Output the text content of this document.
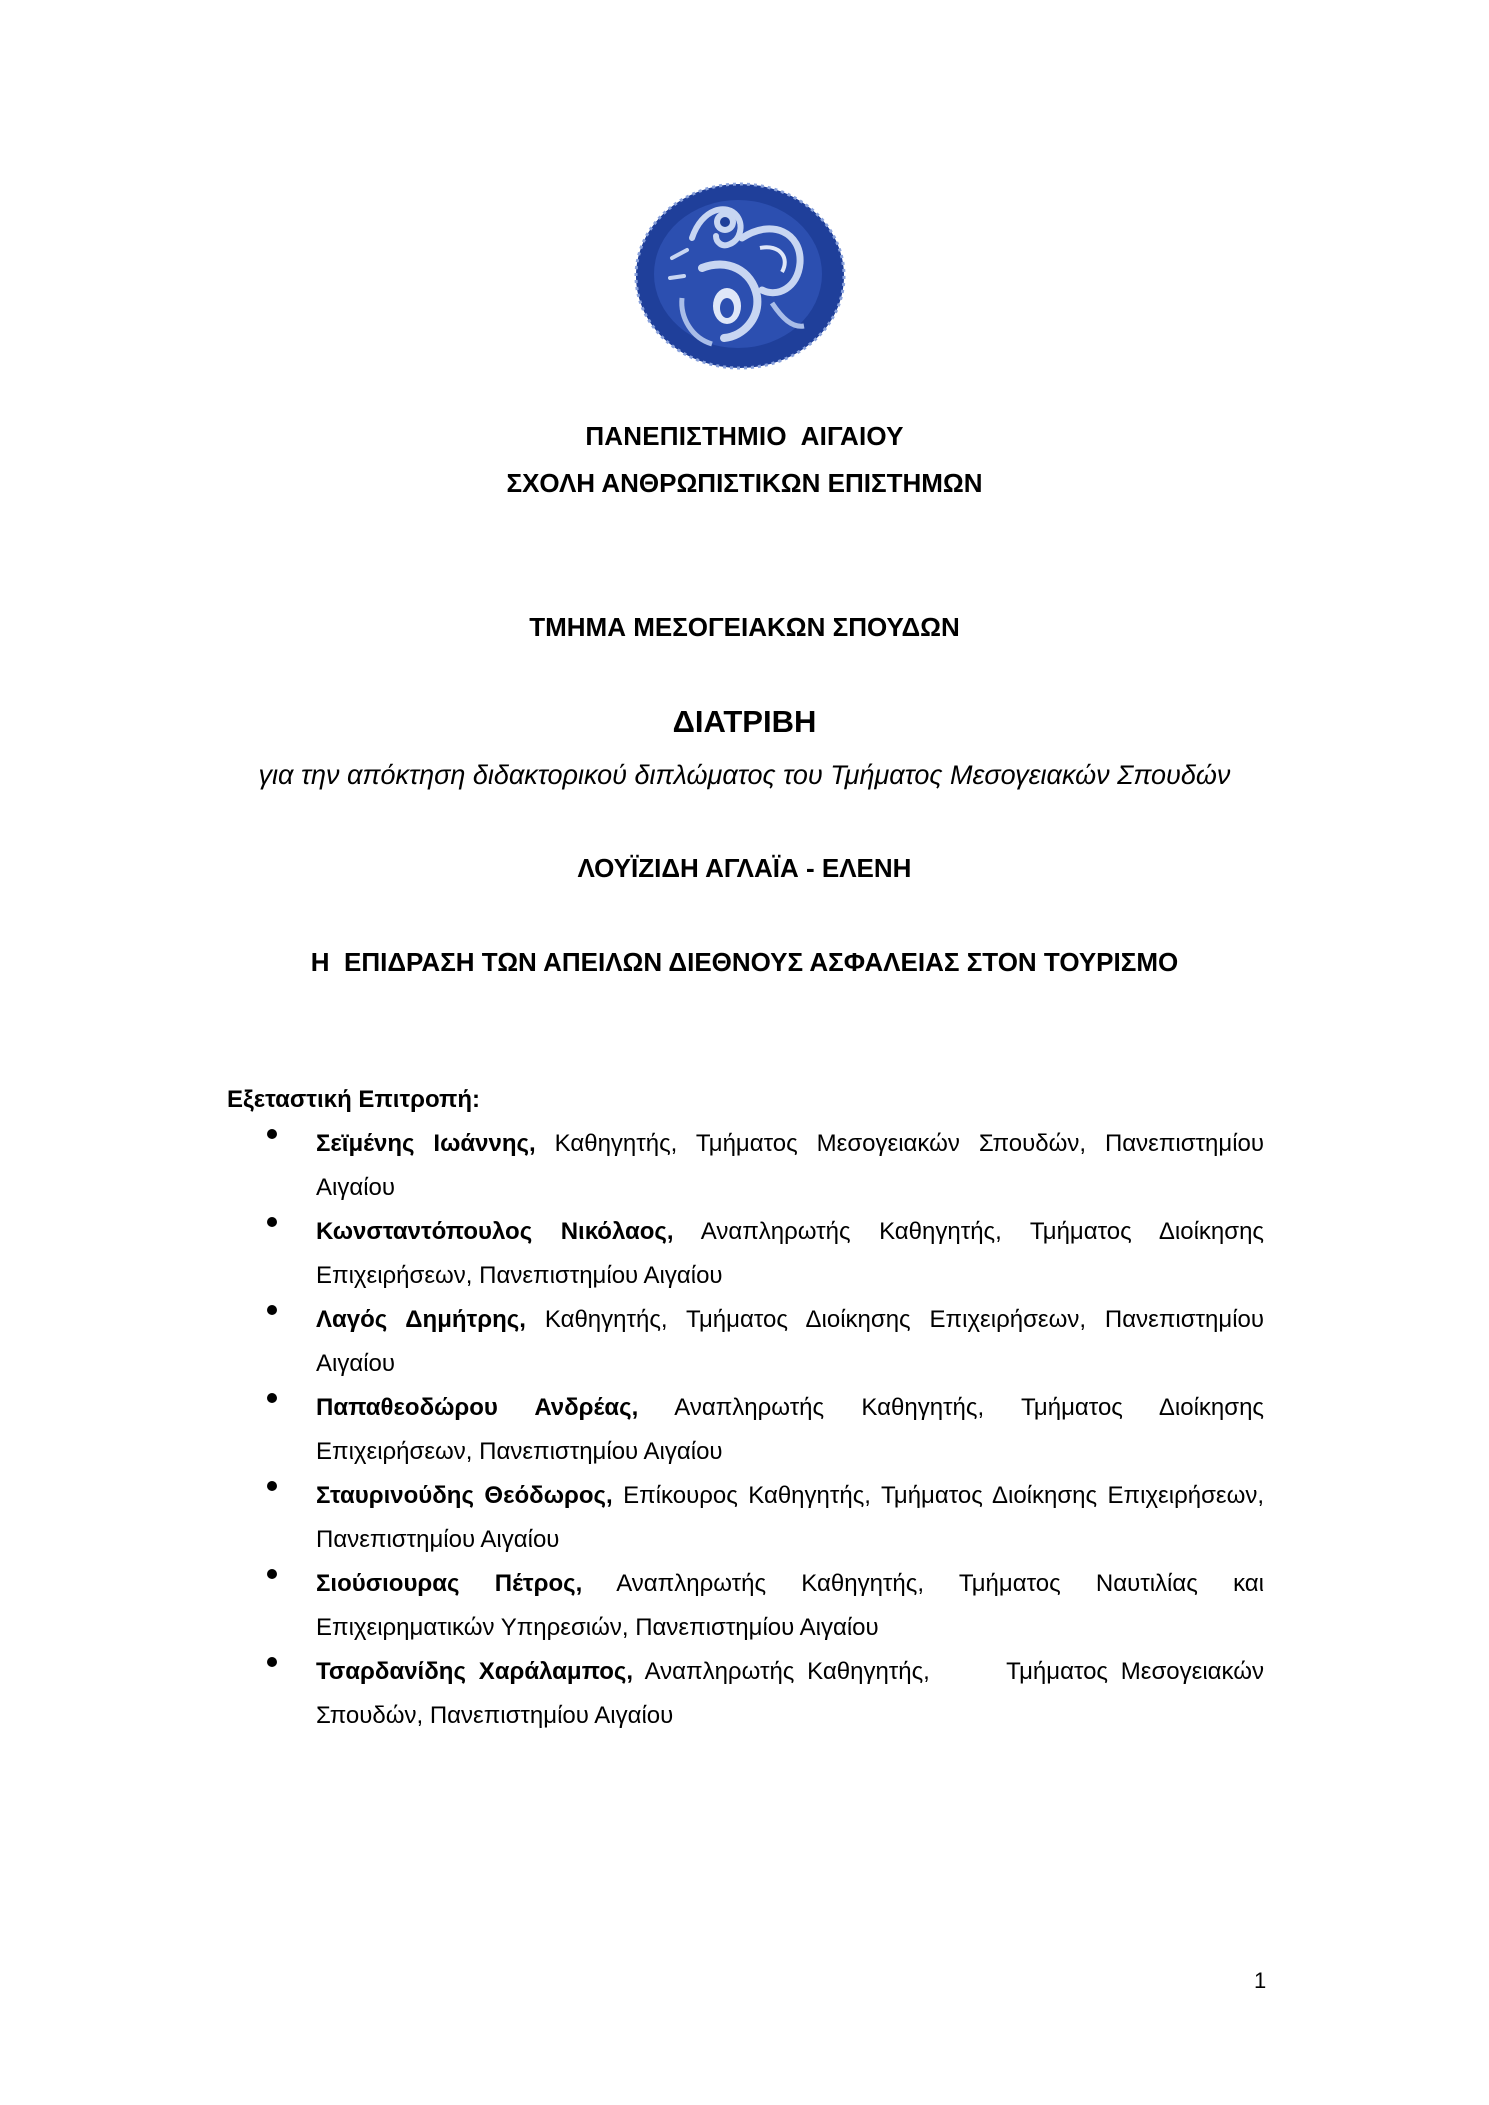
ΠΑΝΕΠΙΣΤΗΜΙΟ  ΑΙΓΑΙΟΥ
ΣΧΟΛΗ ΑΝΘΡΩΠΙΣΤΙΚΩΝ ΕΠΙΣΤΗΜΩΝ
ΤΜΗΜΑ ΜΕΣΟΓΕΙΑΚΩΝ ΣΠΟΥΔΩΝ
ΔΙΑΤΡΙΒΗ
για την απόκτηση διδακτορικού διπλώματος του Τμήματος Μεσογειακών Σπουδών
ΛΟΥΪΖΙΔΗ ΑΓΛΑΪΑ - ΕΛΕΝΗ
Η  ΕΠΙΔΡΑΣΗ ΤΩΝ ΑΠΕΙΛΩΝ ΔΙΕΘΝΟΥΣ ΑΣΦΑΛΕΙΑΣ ΣΤΟΝ ΤΟΥΡΙΣΜΟ
Εξεταστική Επιτροπή:
Σεϊμένης Ιωάννης, Καθηγητής, Τμήματος Μεσογειακών Σπουδών, Πανεπιστημίου Αιγαίου
Κωνσταντόπουλος Νικόλαος, Αναπληρωτής Καθηγητής, Τμήματος Διοίκησης Επιχειρήσεων, Πανεπιστημίου Αιγαίου
Λαγός Δημήτρης, Καθηγητής, Τμήματος Διοίκησης Επιχειρήσεων, Πανεπιστημίου Αιγαίου
Παπαθεοδώρου Ανδρέας, Αναπληρωτής Καθηγητής, Τμήματος Διοίκησης Επιχειρήσεων, Πανεπιστημίου Αιγαίου
Σταυρινούδης Θεόδωρος, Επίκουρος Καθηγητής, Τμήματος Διοίκησης Επιχειρήσεων, Πανεπιστημίου Αιγαίου
Σιούσιουρας Πέτρος, Αναπληρωτής Καθηγητής, Τμήματος Ναυτιλίας και Επιχειρηματικών Υπηρεσιών, Πανεπιστημίου Αιγαίου
Τσαρδανίδης Χαράλαμπος, Αναπληρωτής Καθηγητής,      Τμήματος Μεσογειακών Σπουδών, Πανεπιστημίου Αιγαίου
1
